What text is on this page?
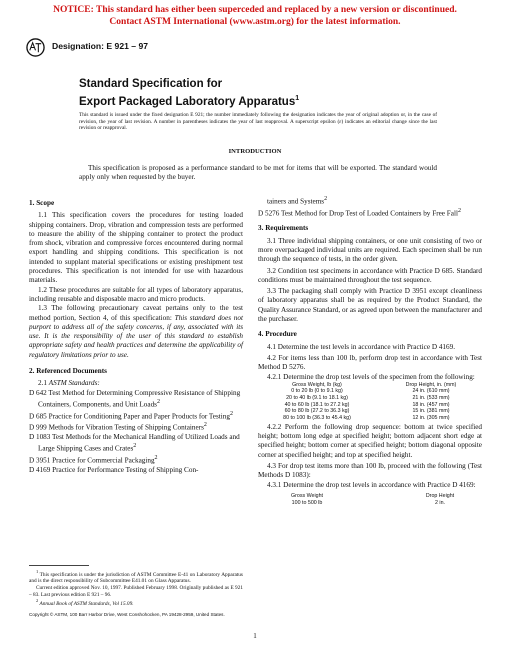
NOTICE: This standard has either been superceded and replaced by a new version or discontinued.
Contact ASTM International (www.astm.org) for the latest information.
Designation: E 921 – 97
Standard Specification for
Export Packaged Laboratory Apparatus$^1$
This standard is issued under the fixed designation E 921; the number immediately following the designation indicates the year of original adoption or, in the case of revision, the year of last revision. A number in parentheses indicates the year of last reapproval. A superscript epsilon (ε) indicates an editorial change since the last revision or reapproval.
INTRODUCTION
This specification is proposed as a performance standard to be met for items that will be exported. The standard would apply only when requested by the buyer.

1. Scope

1.1 This specification covers the procedures for testing loaded shipping containers. Drop, vibration and compression tests are performed to measure the ability of the shipping container to protect the product from shock, vibration and compressive forces encountered during normal export handling and shipping conditions. This specification is not intended to supplant material specifications or existing preshipment test procedures. This specification is not intended for use with hazardous materials.

1.2 These procedures are suitable for all types of laboratory apparatus, including reusable and disposable macro and micro products.

1.3 The following precautionary caveat pertains only to the test method portion, Section 4, of this specification: This standard does not purport to address all of the safety concerns, if any, associated with its use. It is the responsibility of the user of this standard to establish appropriate safety and health practices and determine the applicability of regulatory limitations prior to use.

2. Referenced Documents

2.1 ASTM Standards:

D 642 Test Method for Determining Compressive Resistance of Shipping Containers, Components, and Unit Loads$^2$

D 685 Practice for Conditioning Paper and Paper Products for Testing$^2$

D 999 Methods for Vibration Testing of Shipping Containers$^2$

D 1083 Test Methods for the Mechanical Handling of Utilized Loads and Large Shipping Cases and Crates$^2$

D 3951 Practice for Commercial Packaging$^2$

D 4169 Practice for Performance Testing of Shipping Con-

$^1$ This specification is under the jurisdiction of ASTM Committee E-41 on Laboratory Apparatus and is the direct responsibility of Subcommittee E41.01 on Glass Apparatus.
Current edition approved Nov. 10, 1997. Published February 1998. Originally published as E 921 – 83. Last previous edition E 921 – 96.
$^2$ Annual Book of ASTM Standards, Vol 15.09.

tainers and Systems$^2$

D 5276 Test Method for Drop Test of Loaded Containers by Free Fall$^2$

3. Requirements

3.1 Three individual shipping containers, or one unit consisting of two or more overpackaged individual units are required. Each specimen shall be run through the sequence of tests, in the order given.

3.2 Condition test specimens in accordance with Practice D 685. Standard conditions must be maintained throughout the test sequence.

3.3 The packaging shall comply with Practice D 3951 except cleanliness of laboratory apparatus shall be as required by the Product Standard, the Quality Assurance Standard, or as agreed upon between the manufacturer and the purchaser.

4. Procedure

4.1 Determine the test levels in accordance with Practice D 4169.

4.2 For items less than 100 lb, perform drop test in accordance with Test Method D 5276.

4.2.1 Determine the drop test levels of the specimen from the following:

Gross Weight, lb (kg)	Drop Height, in. (mm)
0 to 20 lb (0 to 9.1 kg)	24 in. (610 mm)
20 to 40 lb (9.1 to 18.1 kg)	21 in. (533 mm)
40 to 60 lb (18.1 to 27.2 kg)	18 in. (457 mm)
60 to 80 lb (27.2 to 36.3 kg)	15 in. (381 mm)
80 to 100 lb (36.3 to 45.4 kg)	12 in. (305 mm)

4.2.2 Perform the following drop sequence: bottom at twice specified height; bottom long edge at specified height; bottom adjacent short edge at specified height; bottom corner at specified height; bottom diagonal opposite corner at specified height; and top at specified height.

4.3 For drop test items more than 100 lb, proceed with the following (Test Methods D 1083):

4.3.1 Determine the drop test levels in accordance with Practice D 4169:

Gross Weight	Drop Height
100 to 500 lb	2 in.
Copyright © ASTM, 100 Barr Harbor Drive, West Conshohocken, PA 19428-2959, United States.
1
